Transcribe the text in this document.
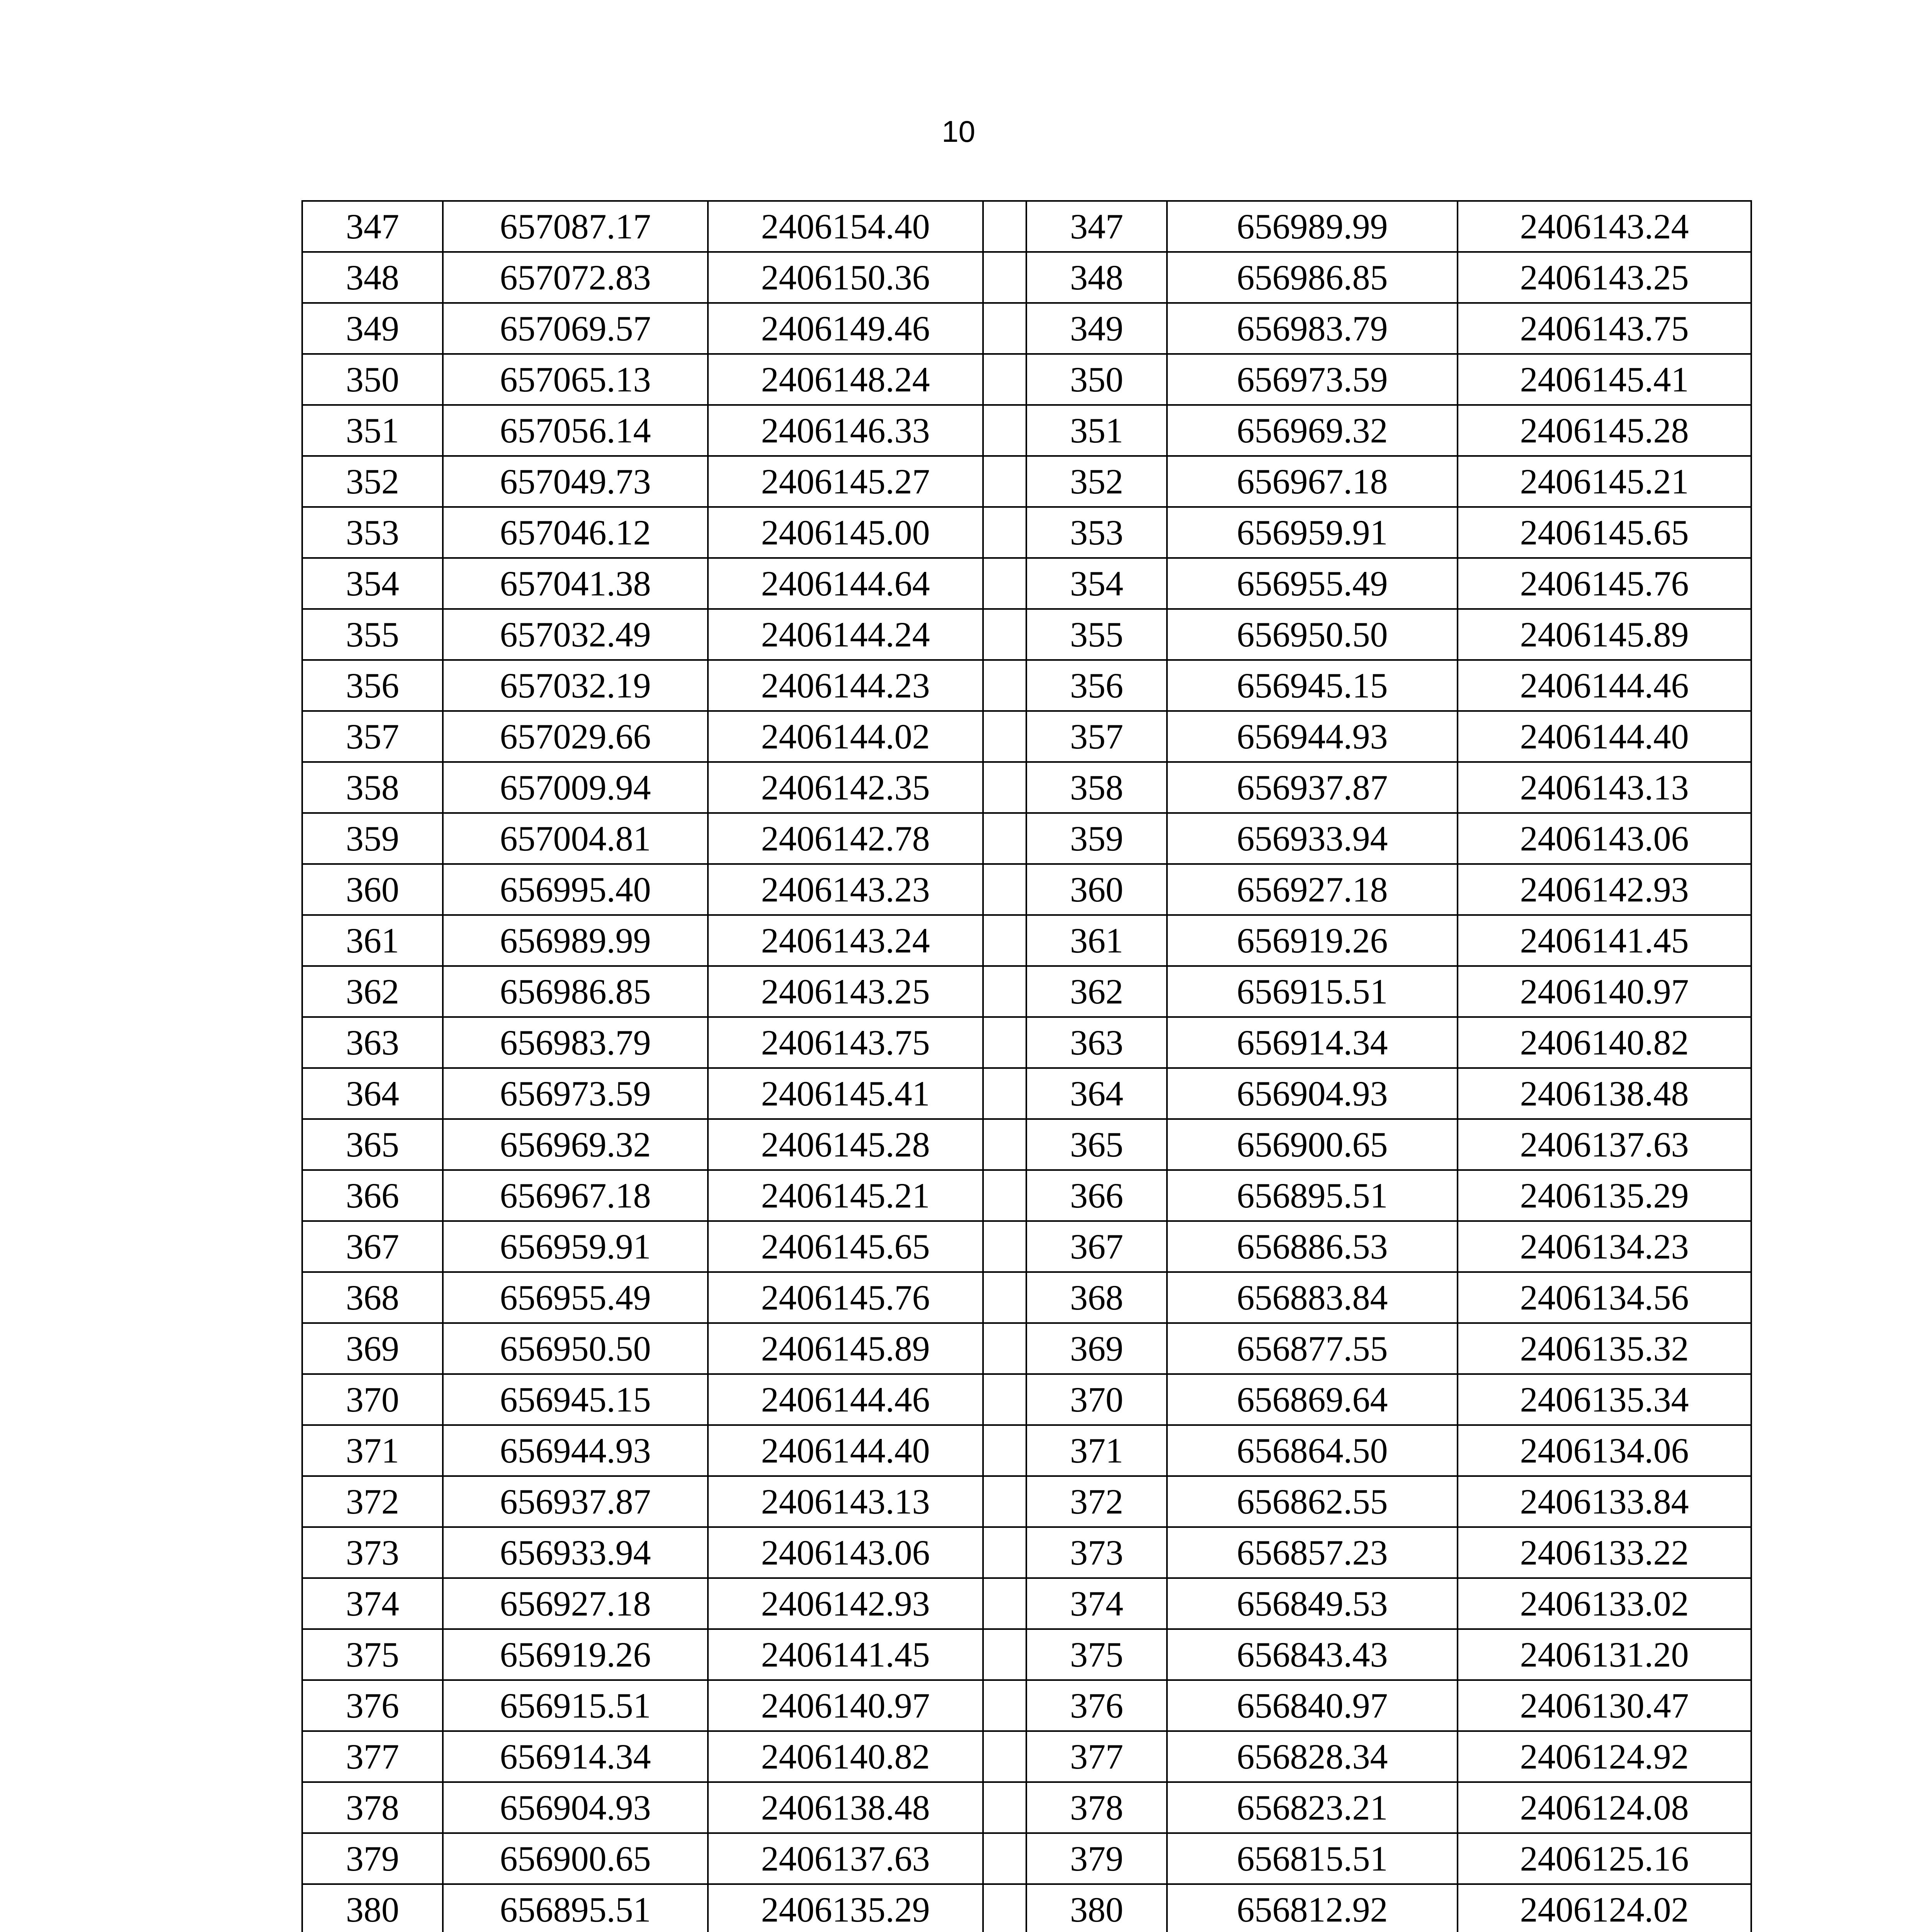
10
347	657087.17	2406154.40		347	656989.99	2406143.24
348	657072.83	2406150.36		348	656986.85	2406143.25
349	657069.57	2406149.46		349	656983.79	2406143.75
350	657065.13	2406148.24		350	656973.59	2406145.41
351	657056.14	2406146.33		351	656969.32	2406145.28
352	657049.73	2406145.27		352	656967.18	2406145.21
353	657046.12	2406145.00		353	656959.91	2406145.65
354	657041.38	2406144.64		354	656955.49	2406145.76
355	657032.49	2406144.24		355	656950.50	2406145.89
356	657032.19	2406144.23		356	656945.15	2406144.46
357	657029.66	2406144.02		357	656944.93	2406144.40
358	657009.94	2406142.35		358	656937.87	2406143.13
359	657004.81	2406142.78		359	656933.94	2406143.06
360	656995.40	2406143.23		360	656927.18	2406142.93
361	656989.99	2406143.24		361	656919.26	2406141.45
362	656986.85	2406143.25		362	656915.51	2406140.97
363	656983.79	2406143.75		363	656914.34	2406140.82
364	656973.59	2406145.41		364	656904.93	2406138.48
365	656969.32	2406145.28		365	656900.65	2406137.63
366	656967.18	2406145.21		366	656895.51	2406135.29
367	656959.91	2406145.65		367	656886.53	2406134.23
368	656955.49	2406145.76		368	656883.84	2406134.56
369	656950.50	2406145.89		369	656877.55	2406135.32
370	656945.15	2406144.46		370	656869.64	2406135.34
371	656944.93	2406144.40		371	656864.50	2406134.06
372	656937.87	2406143.13		372	656862.55	2406133.84
373	656933.94	2406143.06		373	656857.23	2406133.22
374	656927.18	2406142.93		374	656849.53	2406133.02
375	656919.26	2406141.45		375	656843.43	2406131.20
376	656915.51	2406140.97		376	656840.97	2406130.47
377	656914.34	2406140.82		377	656828.34	2406124.92
378	656904.93	2406138.48		378	656823.21	2406124.08
379	656900.65	2406137.63		379	656815.51	2406125.16
380	656895.51	2406135.29		380	656812.92	2406124.02
